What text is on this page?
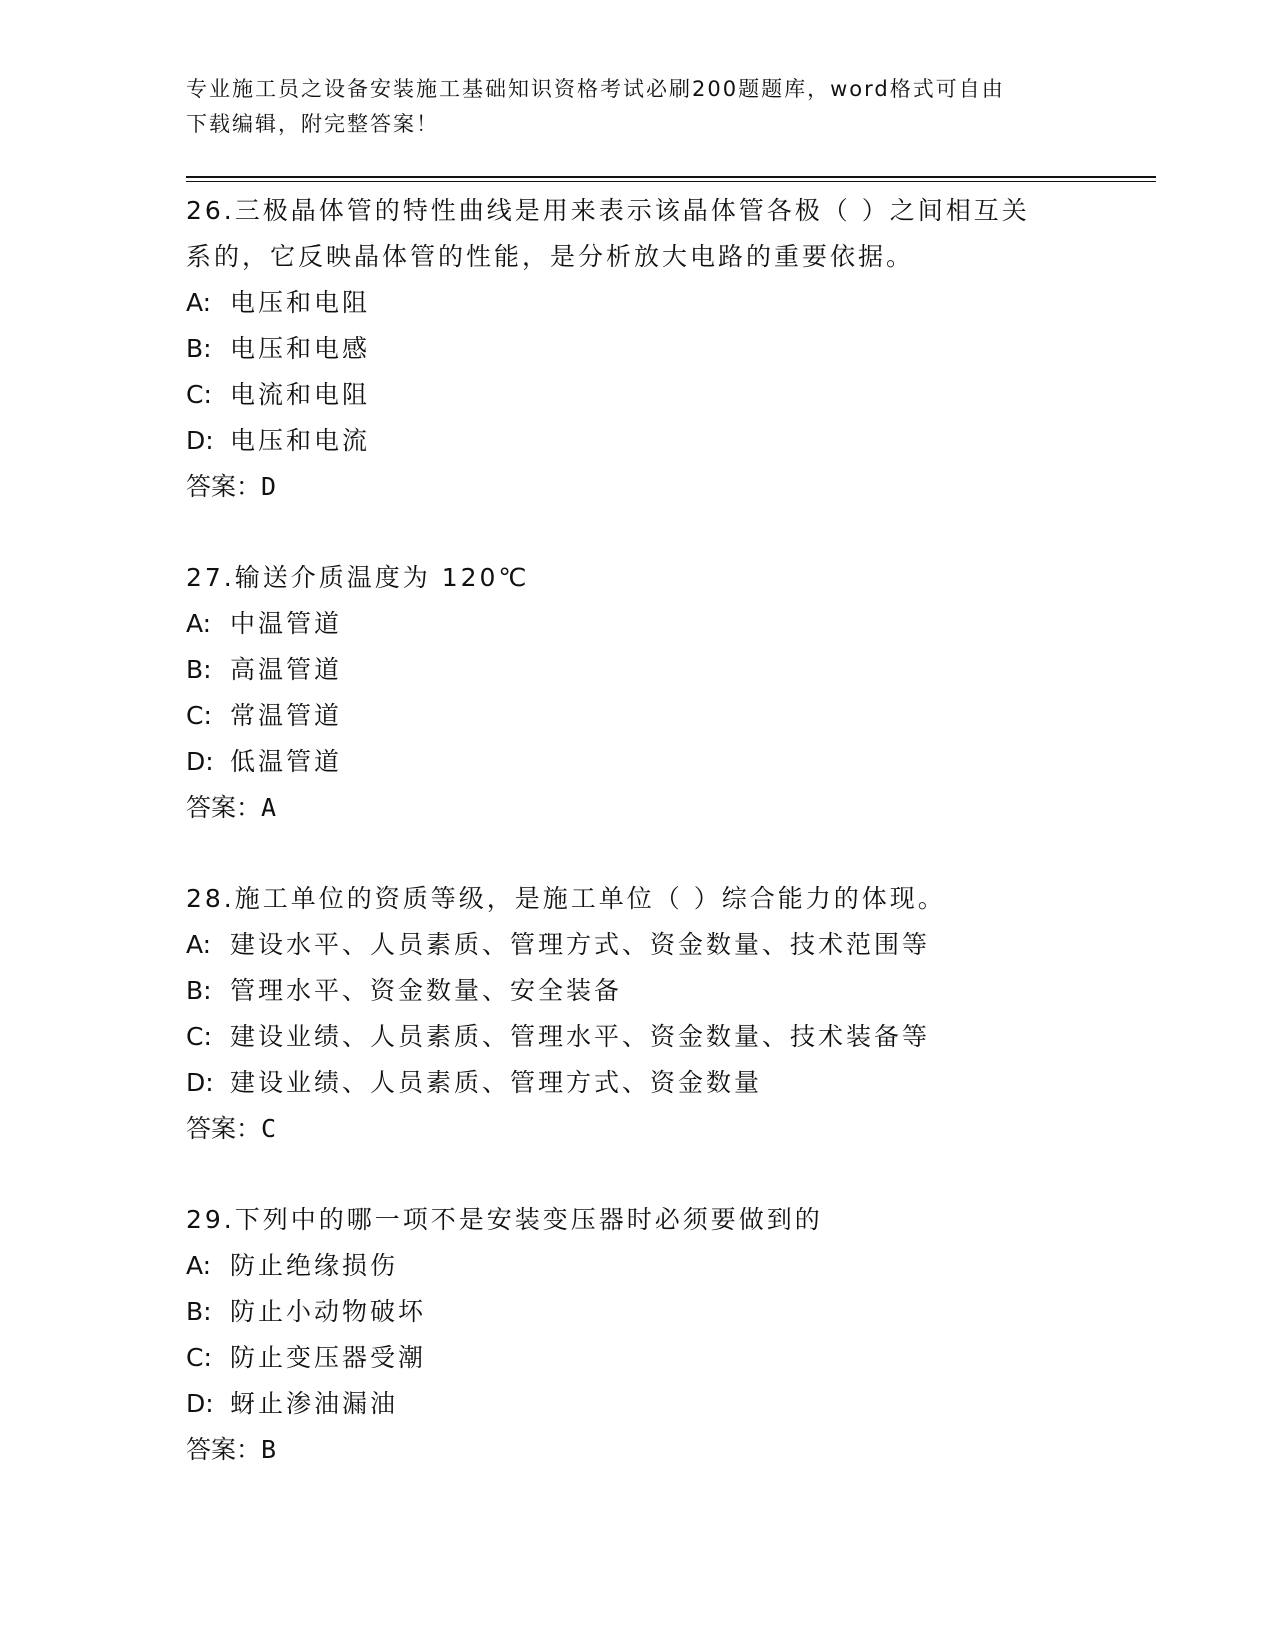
专业施工员之设备安装施工基础知识资格考试必刷200题题库，word格式可自由
下载编辑，附完整答案！
26.三极晶体管的特性曲线是用来表示该晶体管各极（ ）之间相互关
系的，它反映晶体管的性能，是分析放大电路的重要依据。
A: 电压和电阻
B: 电压和电感
C: 电流和电阻
D: 电压和电流
答案：D
27.输送介质温度为 120℃
A: 中温管道
B: 高温管道
C: 常温管道
D: 低温管道
答案：A
28.施工单位的资质等级，是施工单位（ ）综合能力的体现。
A: 建设水平、人员素质、管理方式、资金数量、技术范围等
B: 管理水平、资金数量、安全装备
C: 建设业绩、人员素质、管理水平、资金数量、技术装备等
D: 建设业绩、人员素质、管理方式、资金数量
答案：C
29.下列中的哪一项不是安装变压器时必须要做到的
A: 防止绝缘损伤
B: 防止小动物破坏
C: 防止变压器受潮
D: 蚜止渗油漏油
答案：B
